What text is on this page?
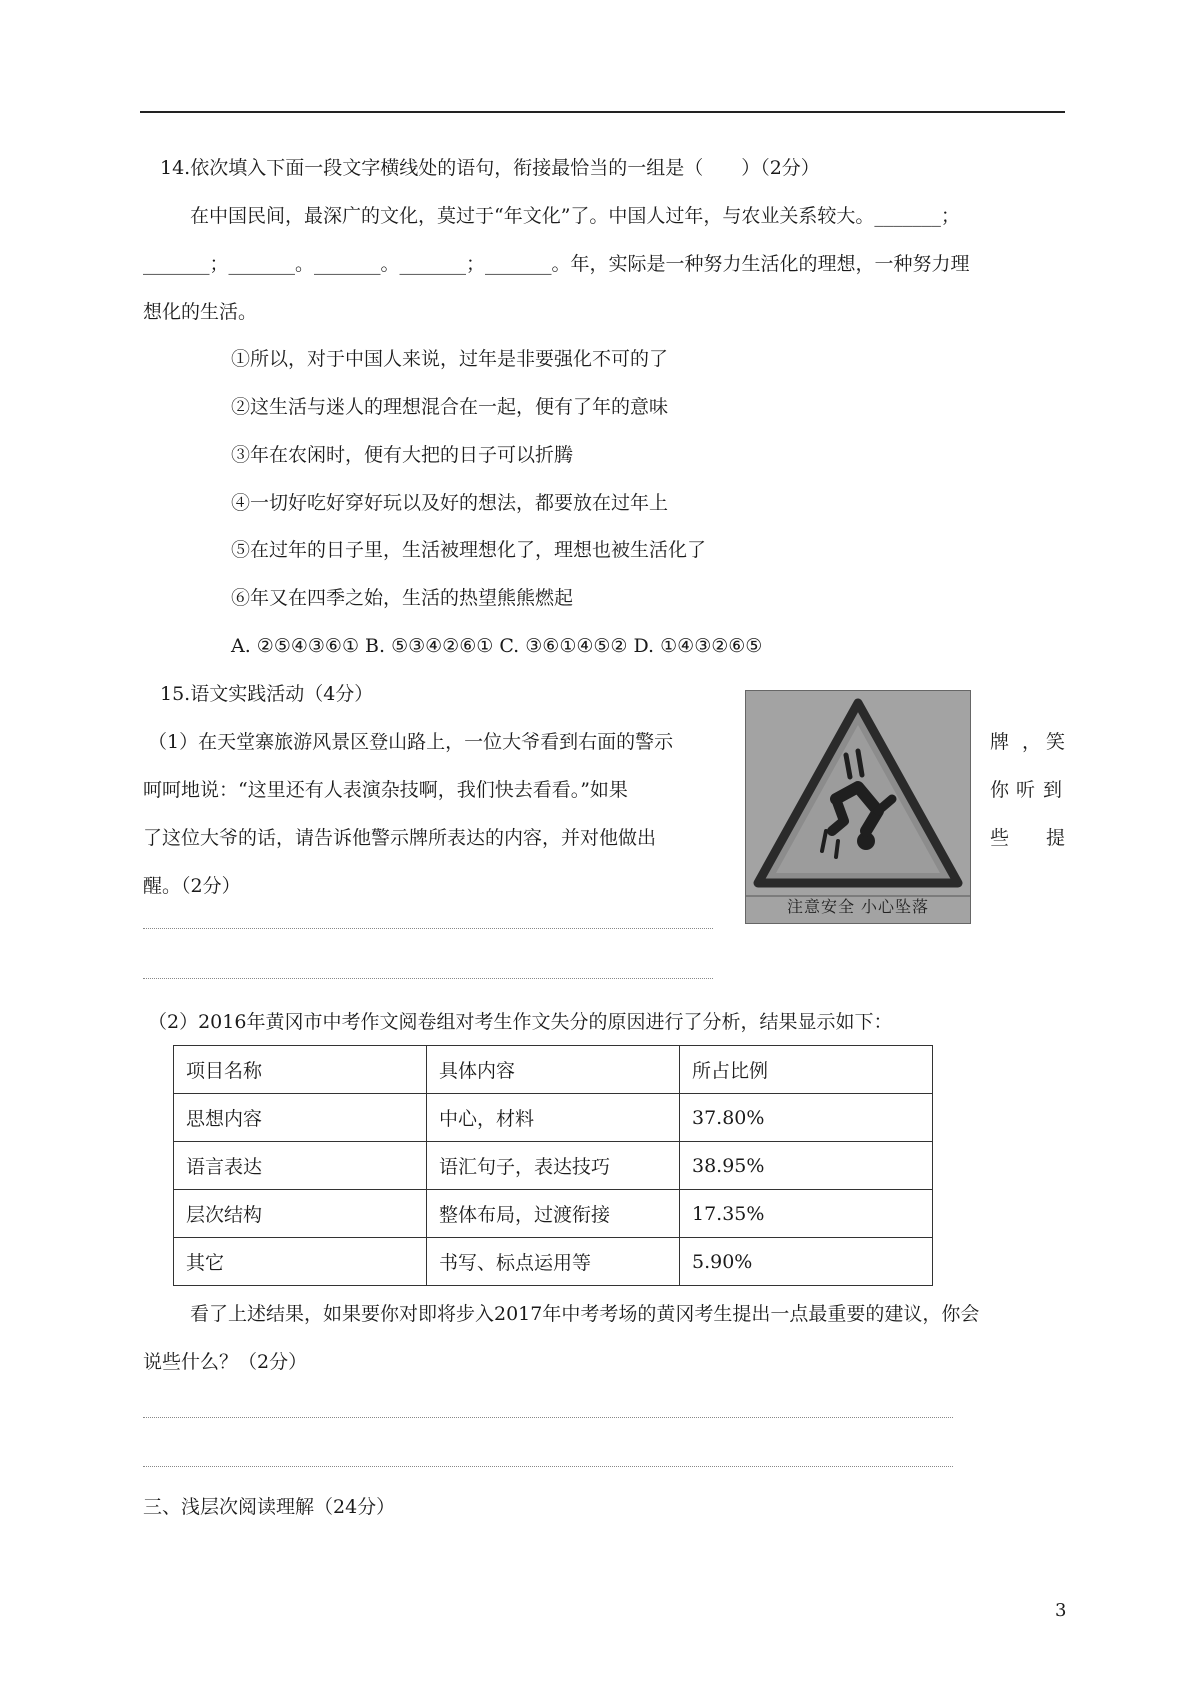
14.依次填入下面一段文字横线处的语句，衔接最恰当的一组是（　　）（2分）
在中国民间，最深广的文化，莫过于“年文化”了。中国人过年，与农业关系较大。_______；
_______；_______。_______。_______；_______。年，实际是一种努力生活化的理想，一种努力理
想化的生活。
①所以，对于中国人来说，过年是非要强化不可的了
②这生活与迷人的理想混合在一起，便有了年的意味
③年在农闲时，便有大把的日子可以折腾
④一切好吃好穿好玩以及好的想法，都要放在过年上
⑤在过年的日子里，生活被理想化了，理想也被生活化了
⑥年又在四季之始，生活的热望熊熊燃起
A. ②⑤④③⑥① B. ⑤③④②⑥① C. ③⑥①④⑤② D. ①④③②⑥⑤
15.语文实践活动（4分）
（1）在天堂寨旅游风景区登山路上，一位大爷看到右面的警示	牌 ， 笑
呵呵地说：“这里还有人表演杂技啊，我们快去看看。”如果	你 听 到
了这位大爷的话，请告诉他警示牌所表达的内容，并对他做出	些 提
醒。（2分）
注意安全 小心坠落
（2）2016年黄冈市中考作文阅卷组对考生作文失分的原因进行了分析，结果显示如下：
项目名称	具体内容	所占比例
思想内容	中心，材料	37.80%
语言表达	语汇句子，表达技巧	38.95%
层次结构	整体布局，过渡衔接	17.35%
其它	书写、标点运用等	5.90%
看了上述结果，如果要你对即将步入2017年中考考场的黄冈考生提出一点最重要的建议，你会
说些什么？（2分）
三、浅层次阅读理解（24分）
3
